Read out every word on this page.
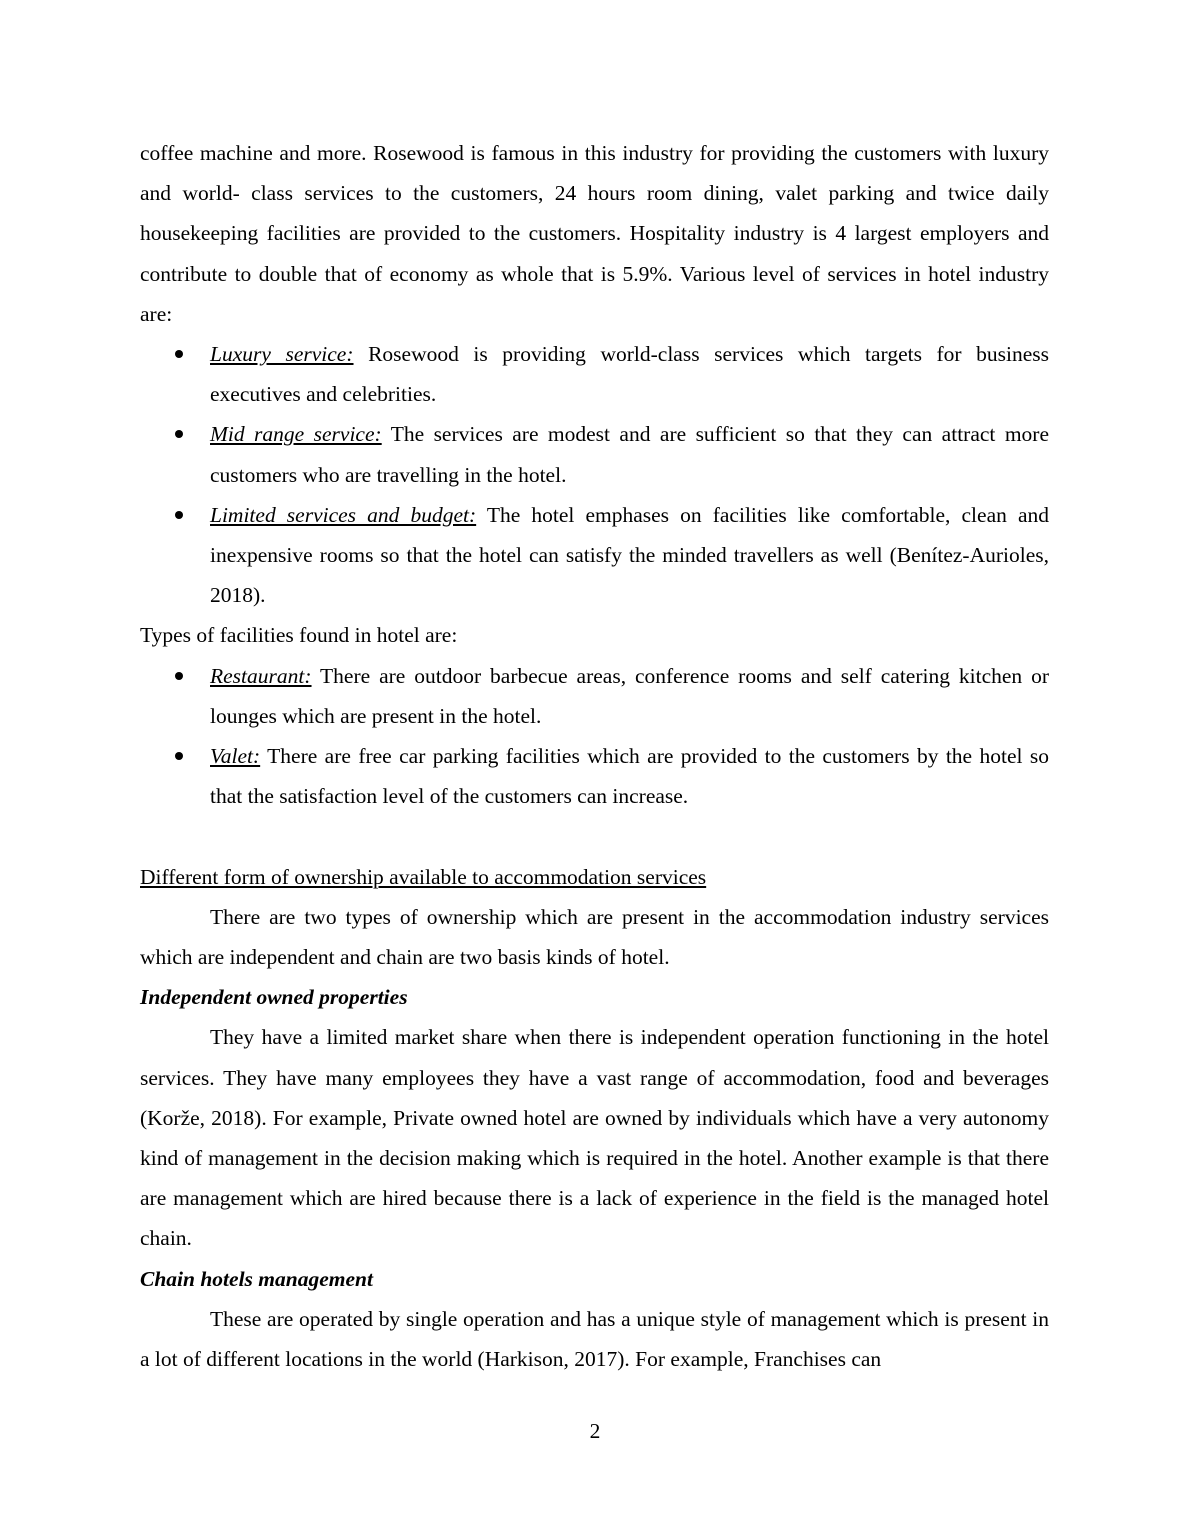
coffee machine and more. Rosewood is famous in this industry for providing the customers with luxury and world- class services to the customers, 24 hours room dining, valet parking and twice daily housekeeping facilities are provided to the customers. Hospitality industry is 4 largest employers and contribute to double that of economy as whole that is 5.9%. Various level of services in hotel industry are:

Luxury service: Rosewood is providing world-class services which targets for business executives and celebrities.
Mid range service: The services are modest and are sufficient so that they can attract more customers who are travelling in the hotel.
Limited services and budget: The hotel emphases on facilities like comfortable, clean and inexpensive rooms so that the hotel can satisfy the minded travellers as well (Benítez-Aurioles, 2018).

Types of facilities found in hotel are:

Restaurant: There are outdoor barbecue areas, conference rooms and self catering kitchen or lounges which are present in the hotel.
Valet: There are free car parking facilities which are provided to the customers by the hotel so that the satisfaction level of the customers can increase.

Different form of ownership available to accommodation services

There are two types of ownership which are present in the accommodation industry services which are independent and chain are two basis kinds of hotel.

Independent owned properties

They have a limited market share when there is independent operation functioning in the hotel services. They have many employees they have a vast range of accommodation, food and beverages (Korže, 2018). For example, Private owned hotel are owned by individuals which have a very autonomy kind of management in the decision making which is required in the hotel. Another example is that there are management which are hired because there is a lack of experience in the field is the managed hotel chain.

Chain hotels management

These are operated by single operation and has a unique style of management which is present in a lot of different locations in the world (Harkison, 2017). For example, Franchises can

2
